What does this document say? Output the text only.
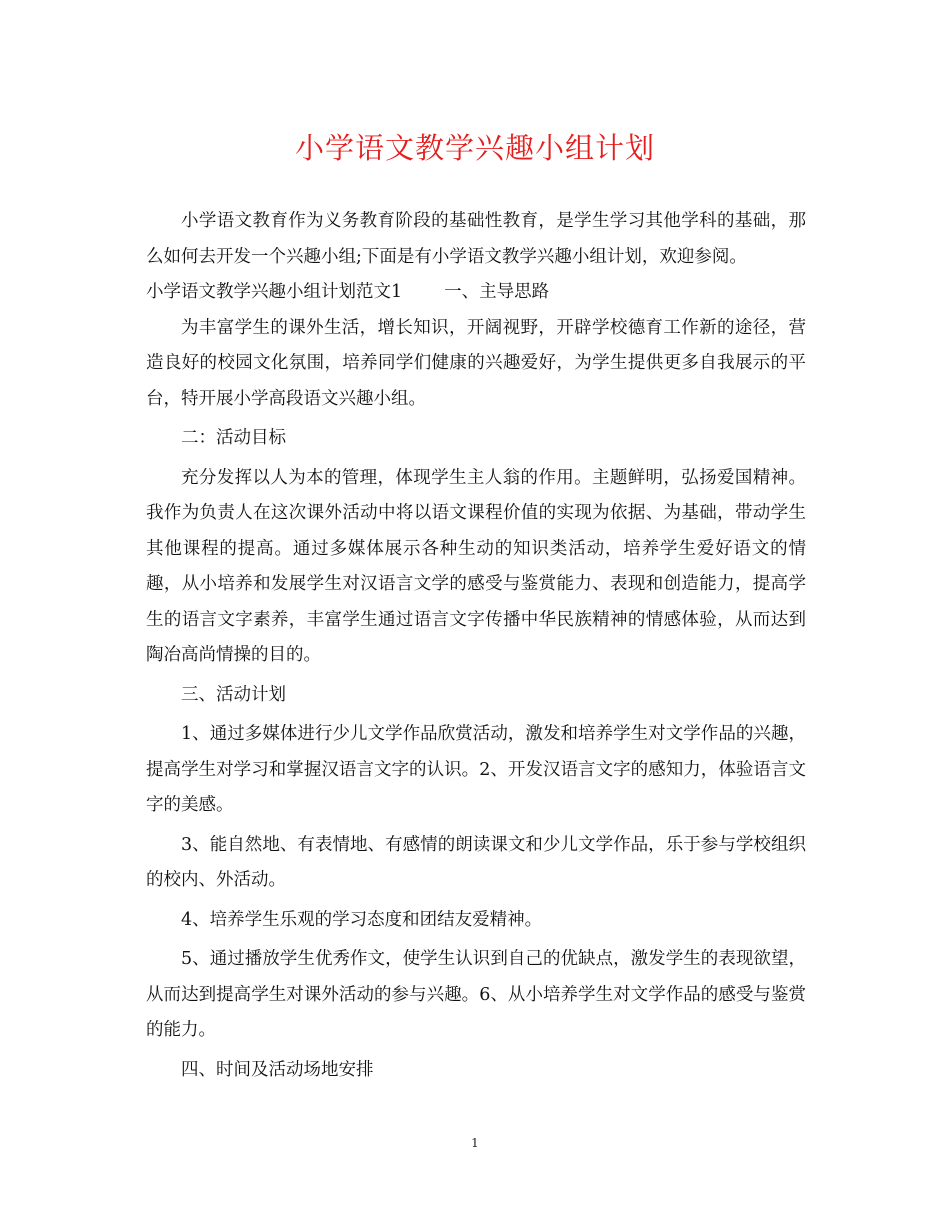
小学语文教学兴趣小组计划

小学语文教育作为义务教育阶段的基础性教育，是学生学习其他学科的基础，那么如何去开发一个兴趣小组;下面是有小学语文教学兴趣小组计划，欢迎参阅。

小学语文教学兴趣小组计划范文1 一、主导思路

为丰富学生的课外生活，增长知识，开阔视野，开辟学校德育工作新的途径，营造良好的校园文化氛围，培养同学们健康的兴趣爱好，为学生提供更多自我展示的平台，特开展小学高段语文兴趣小组。

二：活动目标

充分发挥以人为本的管理，体现学生主人翁的作用。主题鲜明，弘扬爱国精神。我作为负责人在这次课外活动中将以语文课程价值的实现为依据、为基础，带动学生其他课程的提高。通过多媒体展示各种生动的知识类活动，培养学生爱好语文的情趣，从小培养和发展学生对汉语言文学的感受与鉴赏能力、表现和创造能力，提高学生的语言文字素养，丰富学生通过语言文字传播中华民族精神的情感体验，从而达到陶冶高尚情操的目的。

三、活动计划

1、通过多媒体进行少儿文学作品欣赏活动，激发和培养学生对文学作品的兴趣，提高学生对学习和掌握汉语言文字的认识。2、开发汉语言文字的感知力，体验语言文字的美感。

3、能自然地、有表情地、有感情的朗读课文和少儿文学作品，乐于参与学校组织的校内、外活动。

4、培养学生乐观的学习态度和团结友爱精神。

5、通过播放学生优秀作文，使学生认识到自己的优缺点，激发学生的表现欲望，从而达到提高学生对课外活动的参与兴趣。6、从小培养学生对文学作品的感受与鉴赏的能力。

四、时间及活动场地安排

1
